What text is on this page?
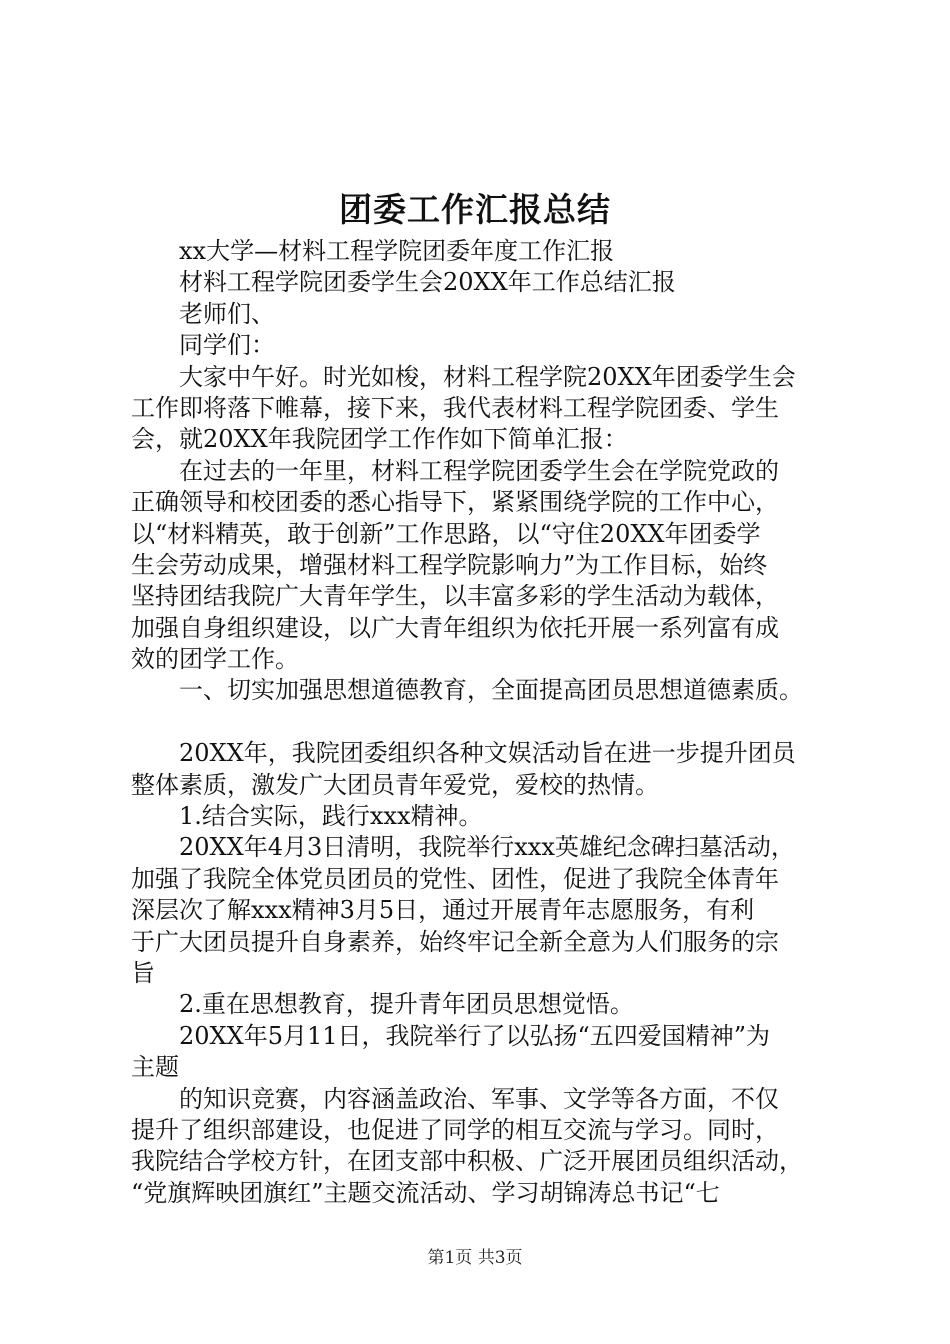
团委工作汇报总结
xx大学—材料工程学院团委年度工作汇报
材料工程学院团委学生会20XX年工作总结汇报
老师们、
同学们：
大家中午好。时光如梭，材料工程学院20XX年团委学生会
工作即将落下帷幕，接下来，我代表材料工程学院团委、学生
会，就20XX年我院团学工作作如下简单汇报：
在过去的一年里，材料工程学院团委学生会在学院党政的
正确领导和校团委的悉心指导下，紧紧围绕学院的工作中心，
以“材料精英，敢于创新”工作思路，以“守住20XX年团委学
生会劳动成果，增强材料工程学院影响力”为工作目标，始终
坚持团结我院广大青年学生，以丰富多彩的学生活动为载体，
加强自身组织建设，以广大青年组织为依托开展一系列富有成
效的团学工作。
一、切实加强思想道德教育，全面提高团员思想道德素质。
20XX年，我院团委组织各种文娱活动旨在进一步提升团员
整体素质，激发广大团员青年爱党，爱校的热情。
1.结合实际，践行xxx精神。
20XX年4月3日清明，我院举行xxx英雄纪念碑扫墓活动，
加强了我院全体党员团员的党性、团性，促进了我院全体青年
深层次了解xxx精神3月5日，通过开展青年志愿服务，有利
于广大团员提升自身素养，始终牢记全新全意为人们服务的宗
旨
2.重在思想教育，提升青年团员思想觉悟。
20XX年5月11日，我院举行了以弘扬“五四爱国精神”为
主题
的知识竞赛，内容涵盖政治、军事、文学等各方面，不仅
提升了组织部建设，也促进了同学的相互交流与学习。同时，
我院结合学校方针，在团支部中积极、广泛开展团员组织活动，
“党旗辉映团旗红”主题交流活动、学习胡锦涛总书记“七
第1页 共3页
